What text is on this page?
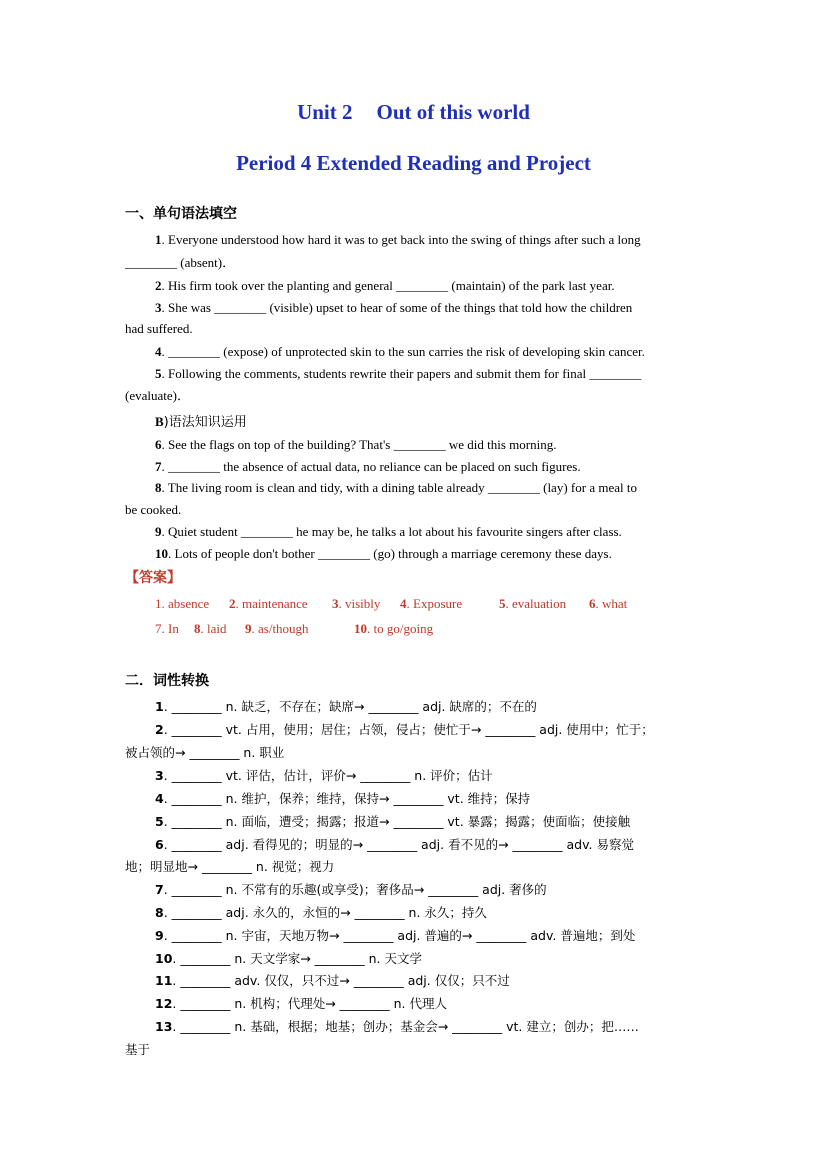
Unit 2 Out of this world
Period 4 Extended Reading and Project
一、单句语法填空
1. Everyone understood how hard it was to get back into the swing of things after such a long
________ (absent)．
2. His firm took over the planting and general ________ (maintain) of the park last year.
3. She was ________ (visible) upset to hear of some of the things that told how the children
had suffered.
4. ________ (expose) of unprotected skin to the sun carries the risk of developing skin cancer.
5. Following the comments, students rewrite their papers and submit them for final ________
(evaluate)．
B)语法知识运用
6. See the flags on top of the building? That's ________ we did this morning.
7. ________ the absence of actual data, no reliance can be placed on such figures.
8. The living room is clean and tidy, with a dining table already ________ (lay) for a meal to
be cooked.
9. Quiet student ________ he may be, he talks a lot about his favourite singers after class.
10. Lots of people don't bother ________ (go) through a marriage ceremony these days.
【答案】
1. absence 2. maintenance 3. visibly 4. Exposure	5. evaluation 6. what
7. In 8. laid 9. as/though	10. to go/going
二．词性转换
1. ________ n. 缺乏，不存在；缺席→ ________ adj. 缺席的；不在的
2. ________ vt. 占用，使用；居住；占领，侵占；使忙于→ ________ adj. 使用中；忙于；
被占领的→ ________ n. 职业
3. ________ vt. 评估，估计，评价→ ________ n. 评价；估计
4. ________ n. 维护，保养；维持，保持→ ________ vt. 维持；保持
5. ________ n. 面临，遭受；揭露；报道→ ________ vt. 暴露；揭露；使面临；使接触
6. ________ adj. 看得见的；明显的→ ________ adj. 看不见的→ ________ adv. 易察觉
地；明显地→ ________ n. 视觉；视力
7. ________ n. 不常有的乐趣(或享受)；奢侈品→ ________ adj. 奢侈的
8. ________ adj. 永久的，永恒的→ ________ n. 永久；持久
9. ________ n. 宇宙，天地万物→ ________ adj. 普遍的→ ________ adv. 普遍地；到处
10. ________ n. 天文学家→ ________ n. 天文学
11. ________ adv. 仅仅，只不过→ ________ adj. 仅仅；只不过
12. ________ n. 机构；代理处→ ________ n. 代理人
13. ________ n. 基础，根据；地基；创办；基金会→ ________ vt. 建立；创办；把……
基于
